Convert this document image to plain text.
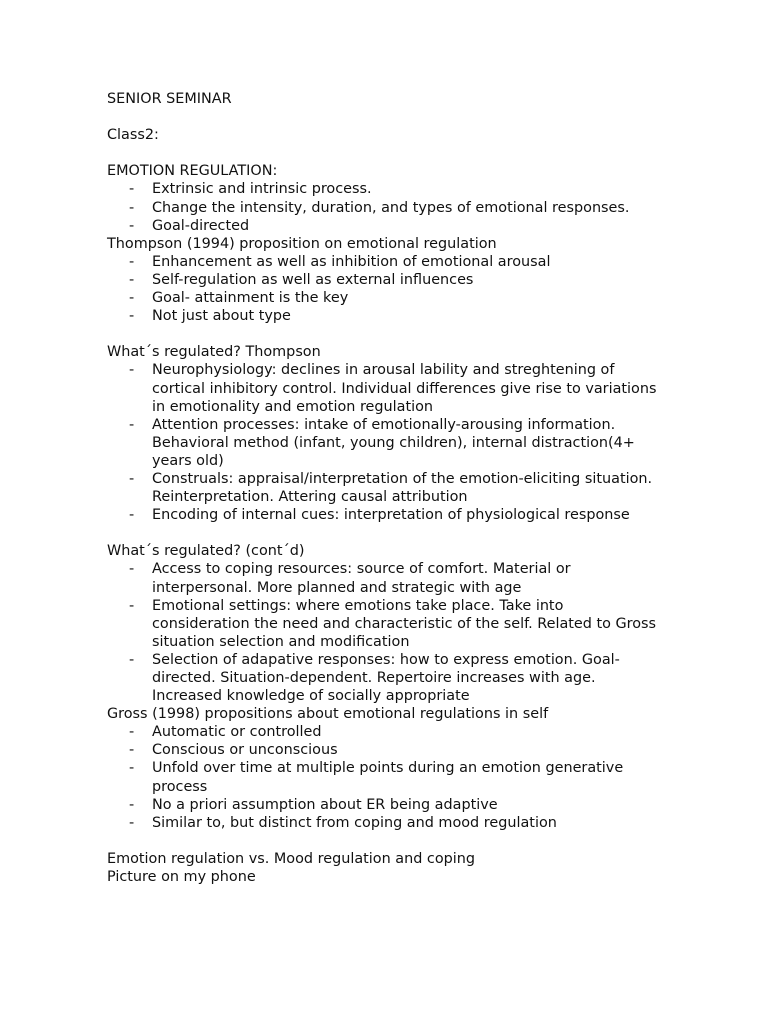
SENIOR SEMINAR

Class2:

EMOTION REGULATION:

- Extrinsic and intrinsic process.
- Change the intensity, duration, and types of emotional responses.
- Goal-directed

Thompson (1994) proposition on emotional regulation

- Enhancement as well as inhibition of emotional arousal
- Self-regulation as well as external influences
- Goal- attainment is the key
- Not just about type

What´s regulated? Thompson

- Neurophysiology: declines in arousal lability and streghtening of cortical inhibitory control. Individual differences give rise to variations in emotionality and emotion regulation
- Attention processes: intake of emotionally-arousing information. Behavioral method (infant, young children), internal distraction(4+ years old)
- Construals: appraisal/interpretation of the emotion-eliciting situation. Reinterpretation. Attering causal attribution
- Encoding of internal cues: interpretation of physiological response

What´s regulated? (cont´d)

- Access to coping resources: source of comfort. Material or interpersonal. More planned and strategic with age
- Emotional settings: where emotions take place. Take into consideration the need and characteristic of the self. Related to Gross situation selection and modification
- Selection of adapative responses: how to express emotion. Goal-directed. Situation-dependent. Repertoire increases with age. Increased knowledge of socially appropriate

Gross (1998) propositions about emotional regulations in self

- Automatic or controlled
- Conscious or unconscious
- Unfold over time at multiple points during an emotion generative process
- No a priori assumption about ER being adaptive
- Similar to, but distinct from coping and mood regulation

Emotion regulation vs. Mood regulation and coping

Picture on my phone
